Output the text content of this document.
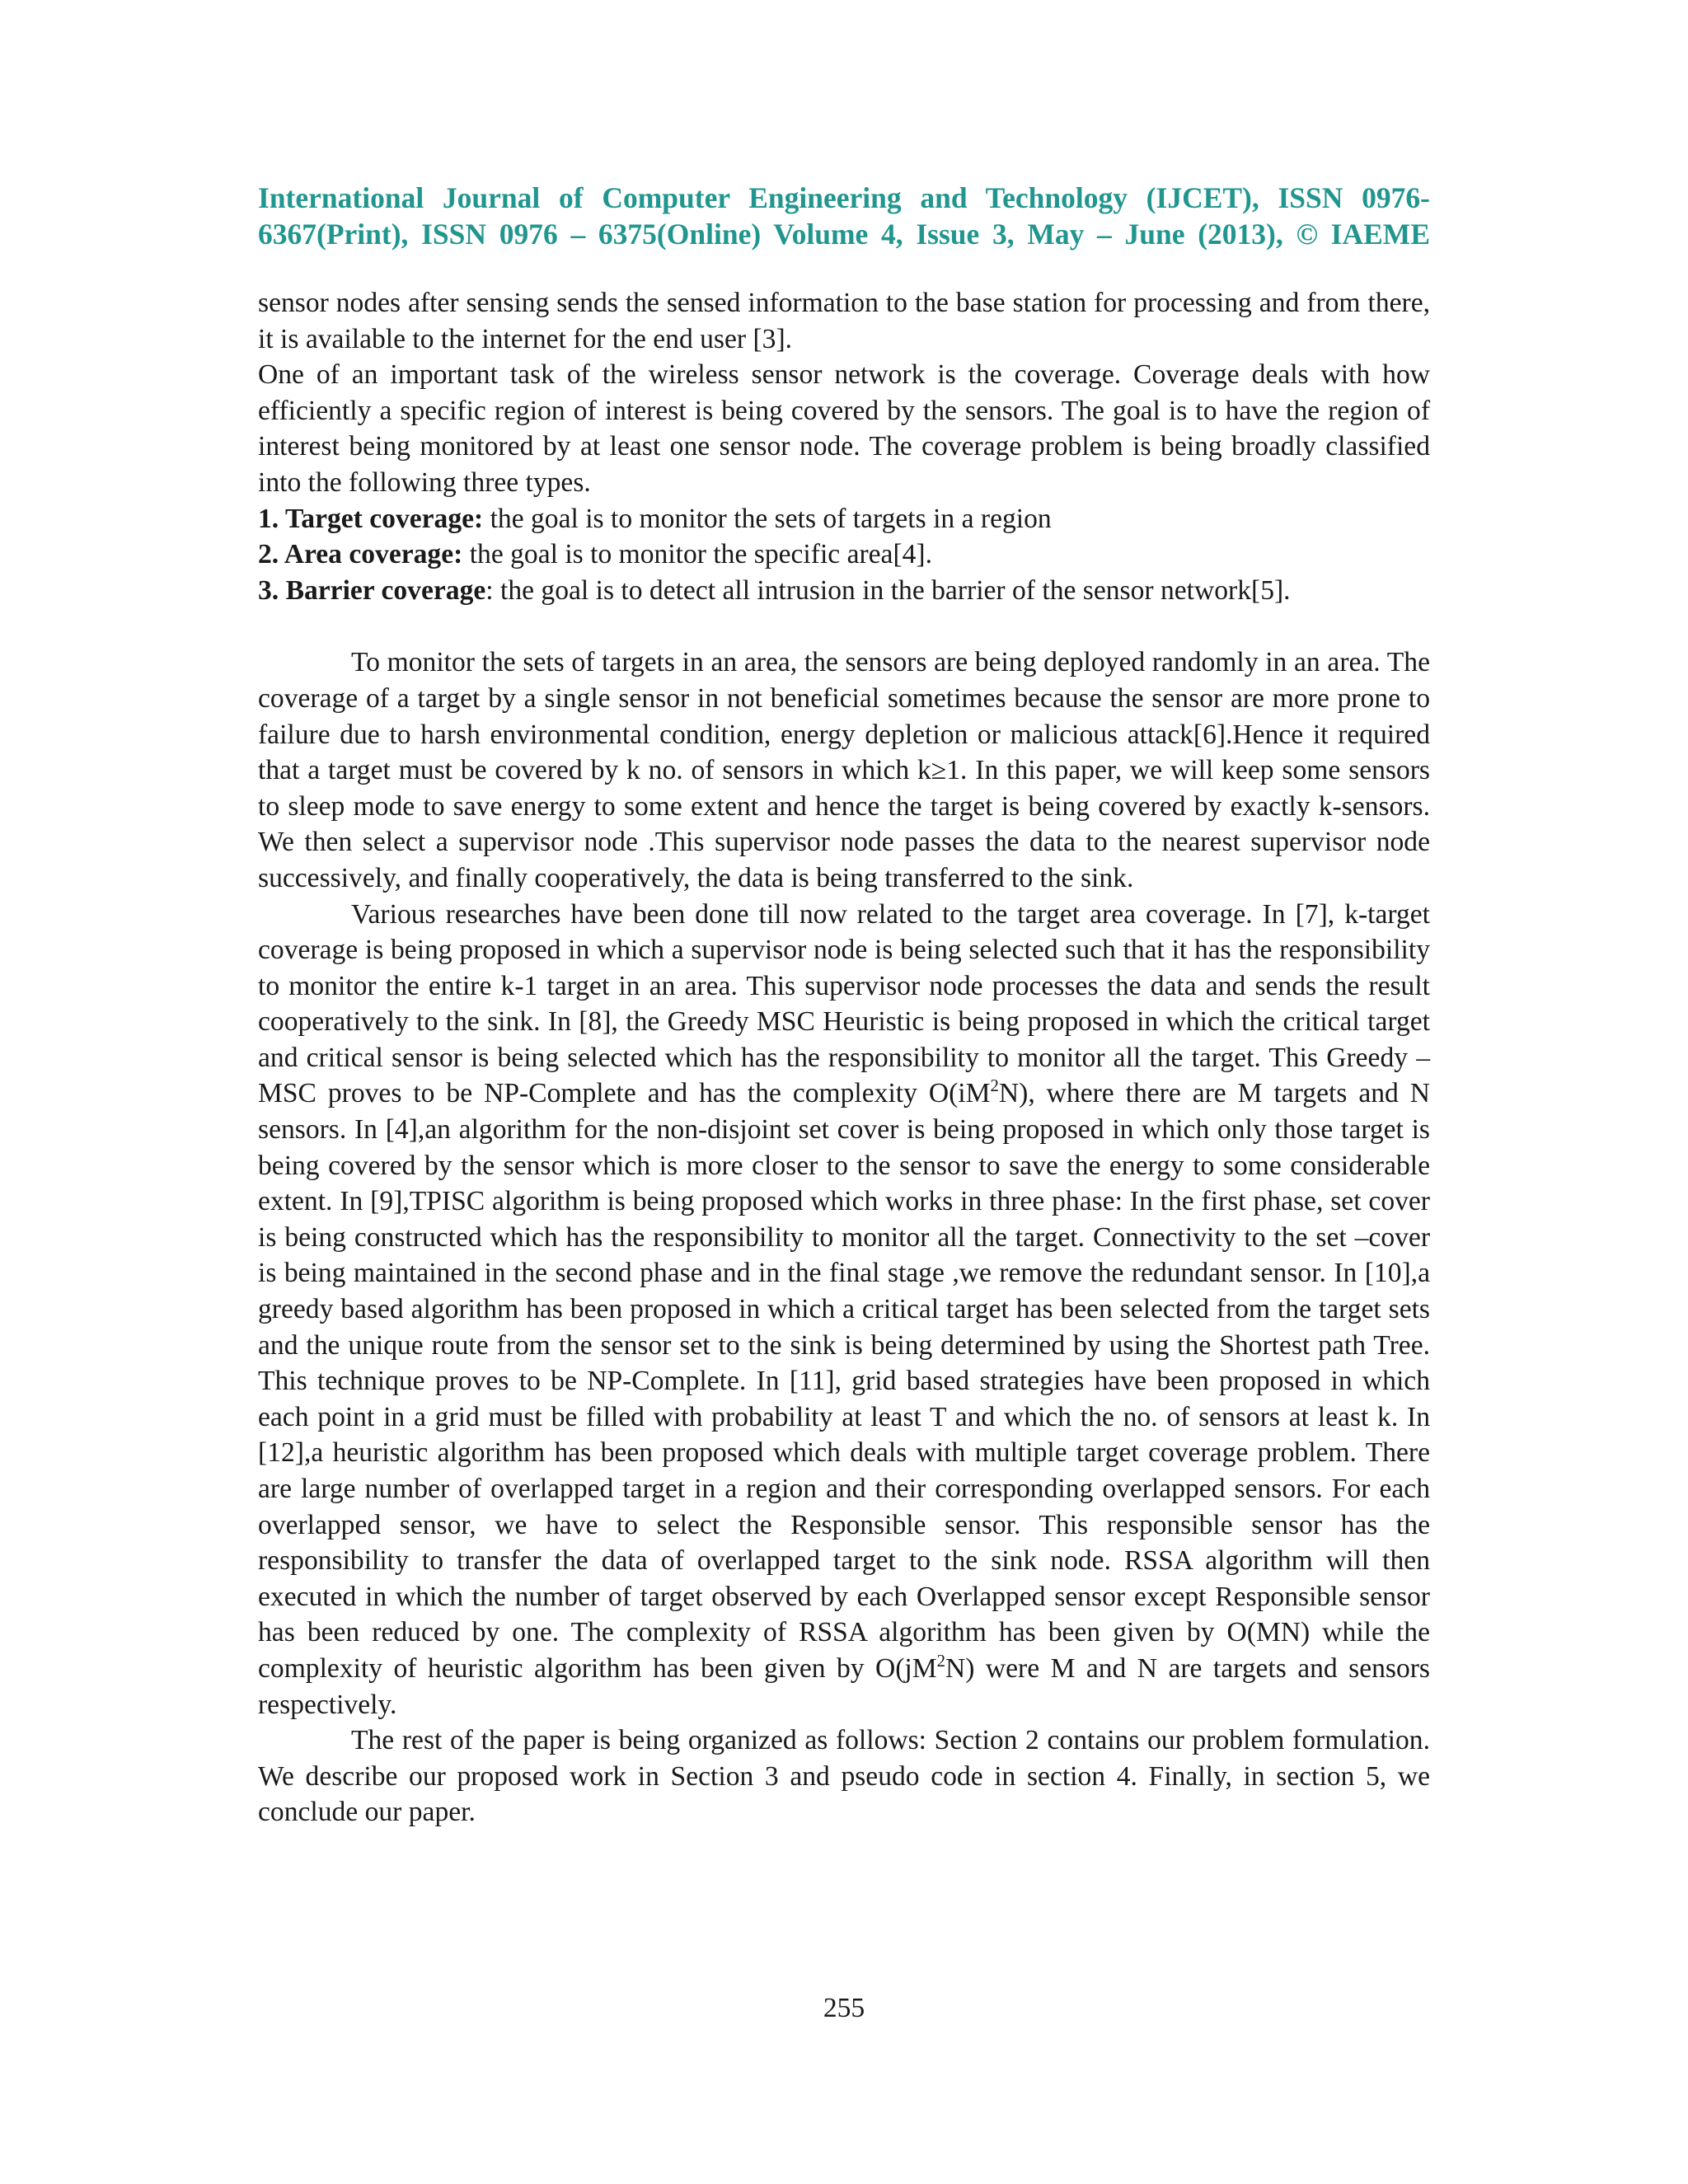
International Journal of Computer Engineering and Technology (IJCET), ISSN 0976-
6367(Print), ISSN 0976 – 6375(Online) Volume 4, Issue 3, May – June (2013), © IAEME

sensor nodes after sensing sends the sensed information to the base station for processing and from there, it is available to the internet for the end user [3].

One of an important task of the wireless sensor network is the coverage. Coverage deals with how efficiently a specific region of interest is being covered by the sensors. The goal is to have the region of interest being monitored by at least one sensor node. The coverage problem is being broadly classified into the following three types.

1. Target coverage: the goal is to monitor the sets of targets in a region

2. Area coverage: the goal is to monitor the specific area[4].

3. Barrier coverage: the goal is to detect all intrusion in the barrier of the sensor network[5].

To monitor the sets of targets in an area, the sensors are being deployed randomly in an area. The coverage of a target by a single sensor in not beneficial sometimes because the sensor are more prone to failure due to harsh environmental condition, energy depletion or malicious attack[6].Hence it required that a target must be covered by k no. of sensors in which k≥1. In this paper, we will keep some sensors to sleep mode to save energy to some extent and hence the target is being covered by exactly k-sensors. We then select a supervisor node .This supervisor node passes the data to the nearest supervisor node successively, and finally cooperatively, the data is being transferred to the sink.

Various researches have been done till now related to the target area coverage. In [7], k-target coverage is being proposed in which a supervisor node is being selected such that it has the responsibility to monitor the entire k-1 target in an area. This supervisor node processes the data and sends the result cooperatively to the sink. In [8], the Greedy MSC Heuristic is being proposed in which the critical target and critical sensor is being selected which has the responsibility to monitor all the target. This Greedy –MSC proves to be NP-Complete and has the complexity $O(iM^2N)$, where there are M targets and N sensors. In [4],an algorithm for the non-disjoint set cover is being proposed in which only those target is being covered by the sensor which is more closer to the sensor to save the energy to some considerable extent. In [9],TPISC algorithm is being proposed which works in three phase: In the first phase, set cover is being constructed which has the responsibility to monitor all the target. Connectivity to the set –cover is being maintained in the second phase and in the final stage ,we remove the redundant sensor. In [10],a greedy based algorithm has been proposed in which a critical target has been selected from the target sets and the unique route from the sensor set to the sink is being determined by using the Shortest path Tree. This technique proves to be NP-Complete. In [11], grid based strategies have been proposed in which each point in a grid must be filled with probability at least T and which the no. of sensors at least k. In [12],a heuristic algorithm has been proposed which deals with multiple target coverage problem. There are large number of overlapped target in a region and their corresponding overlapped sensors. For each overlapped sensor, we have to select the Responsible sensor. This responsible sensor has the responsibility to transfer the data of overlapped target to the sink node. RSSA algorithm will then executed in which the number of target observed by each Overlapped sensor except Responsible sensor has been reduced by one. The complexity of RSSA algorithm has been given by O(MN) while the complexity of heuristic algorithm has been given by $O(jM^2N)$ were M and N are targets and sensors respectively.

The rest of the paper is being organized as follows: Section 2 contains our problem formulation. We describe our proposed work in Section 3 and pseudo code in section 4. Finally, in section 5, we conclude our paper.

255
